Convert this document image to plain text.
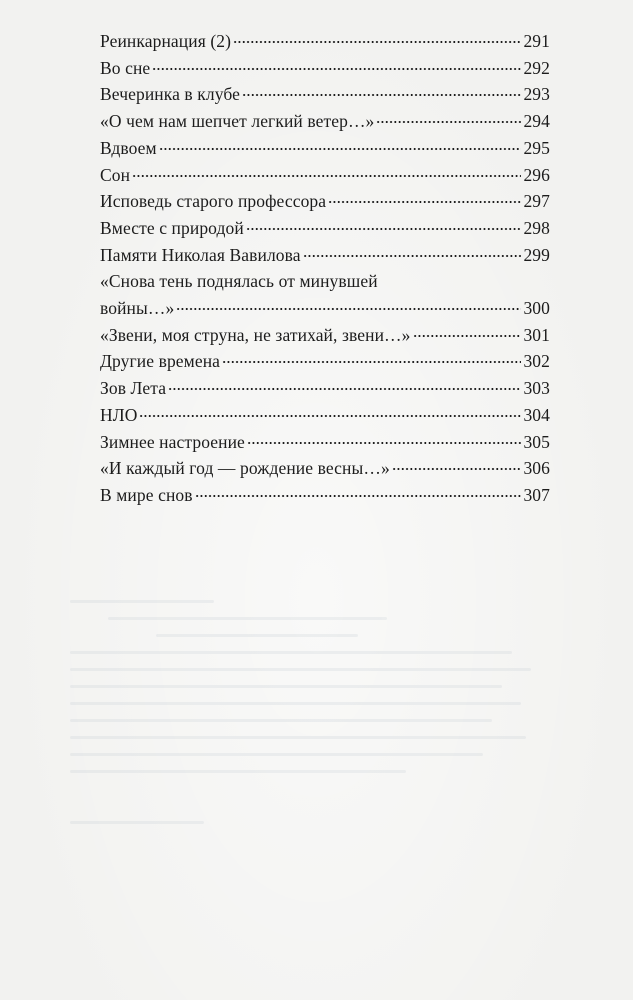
Реинкарнация (2)	291
Во сне	292
Вечеринка в клубе	293
«О чем нам шепчет легкий ветер…»	294
Вдвоем	295
Сон	296
Исповедь старого профессора	297
Вместе с природой	298
Памяти Николая Вавилова	299
«Снова тень поднялась от минувшей
войны…»	300
«Звени, моя струна, не затихай, звени…»	301
Другие времена	302
Зов Лета	303
НЛО	304
Зимнее настроение	305
«И каждый год — рождение весны…»	306
В мире снов	307
